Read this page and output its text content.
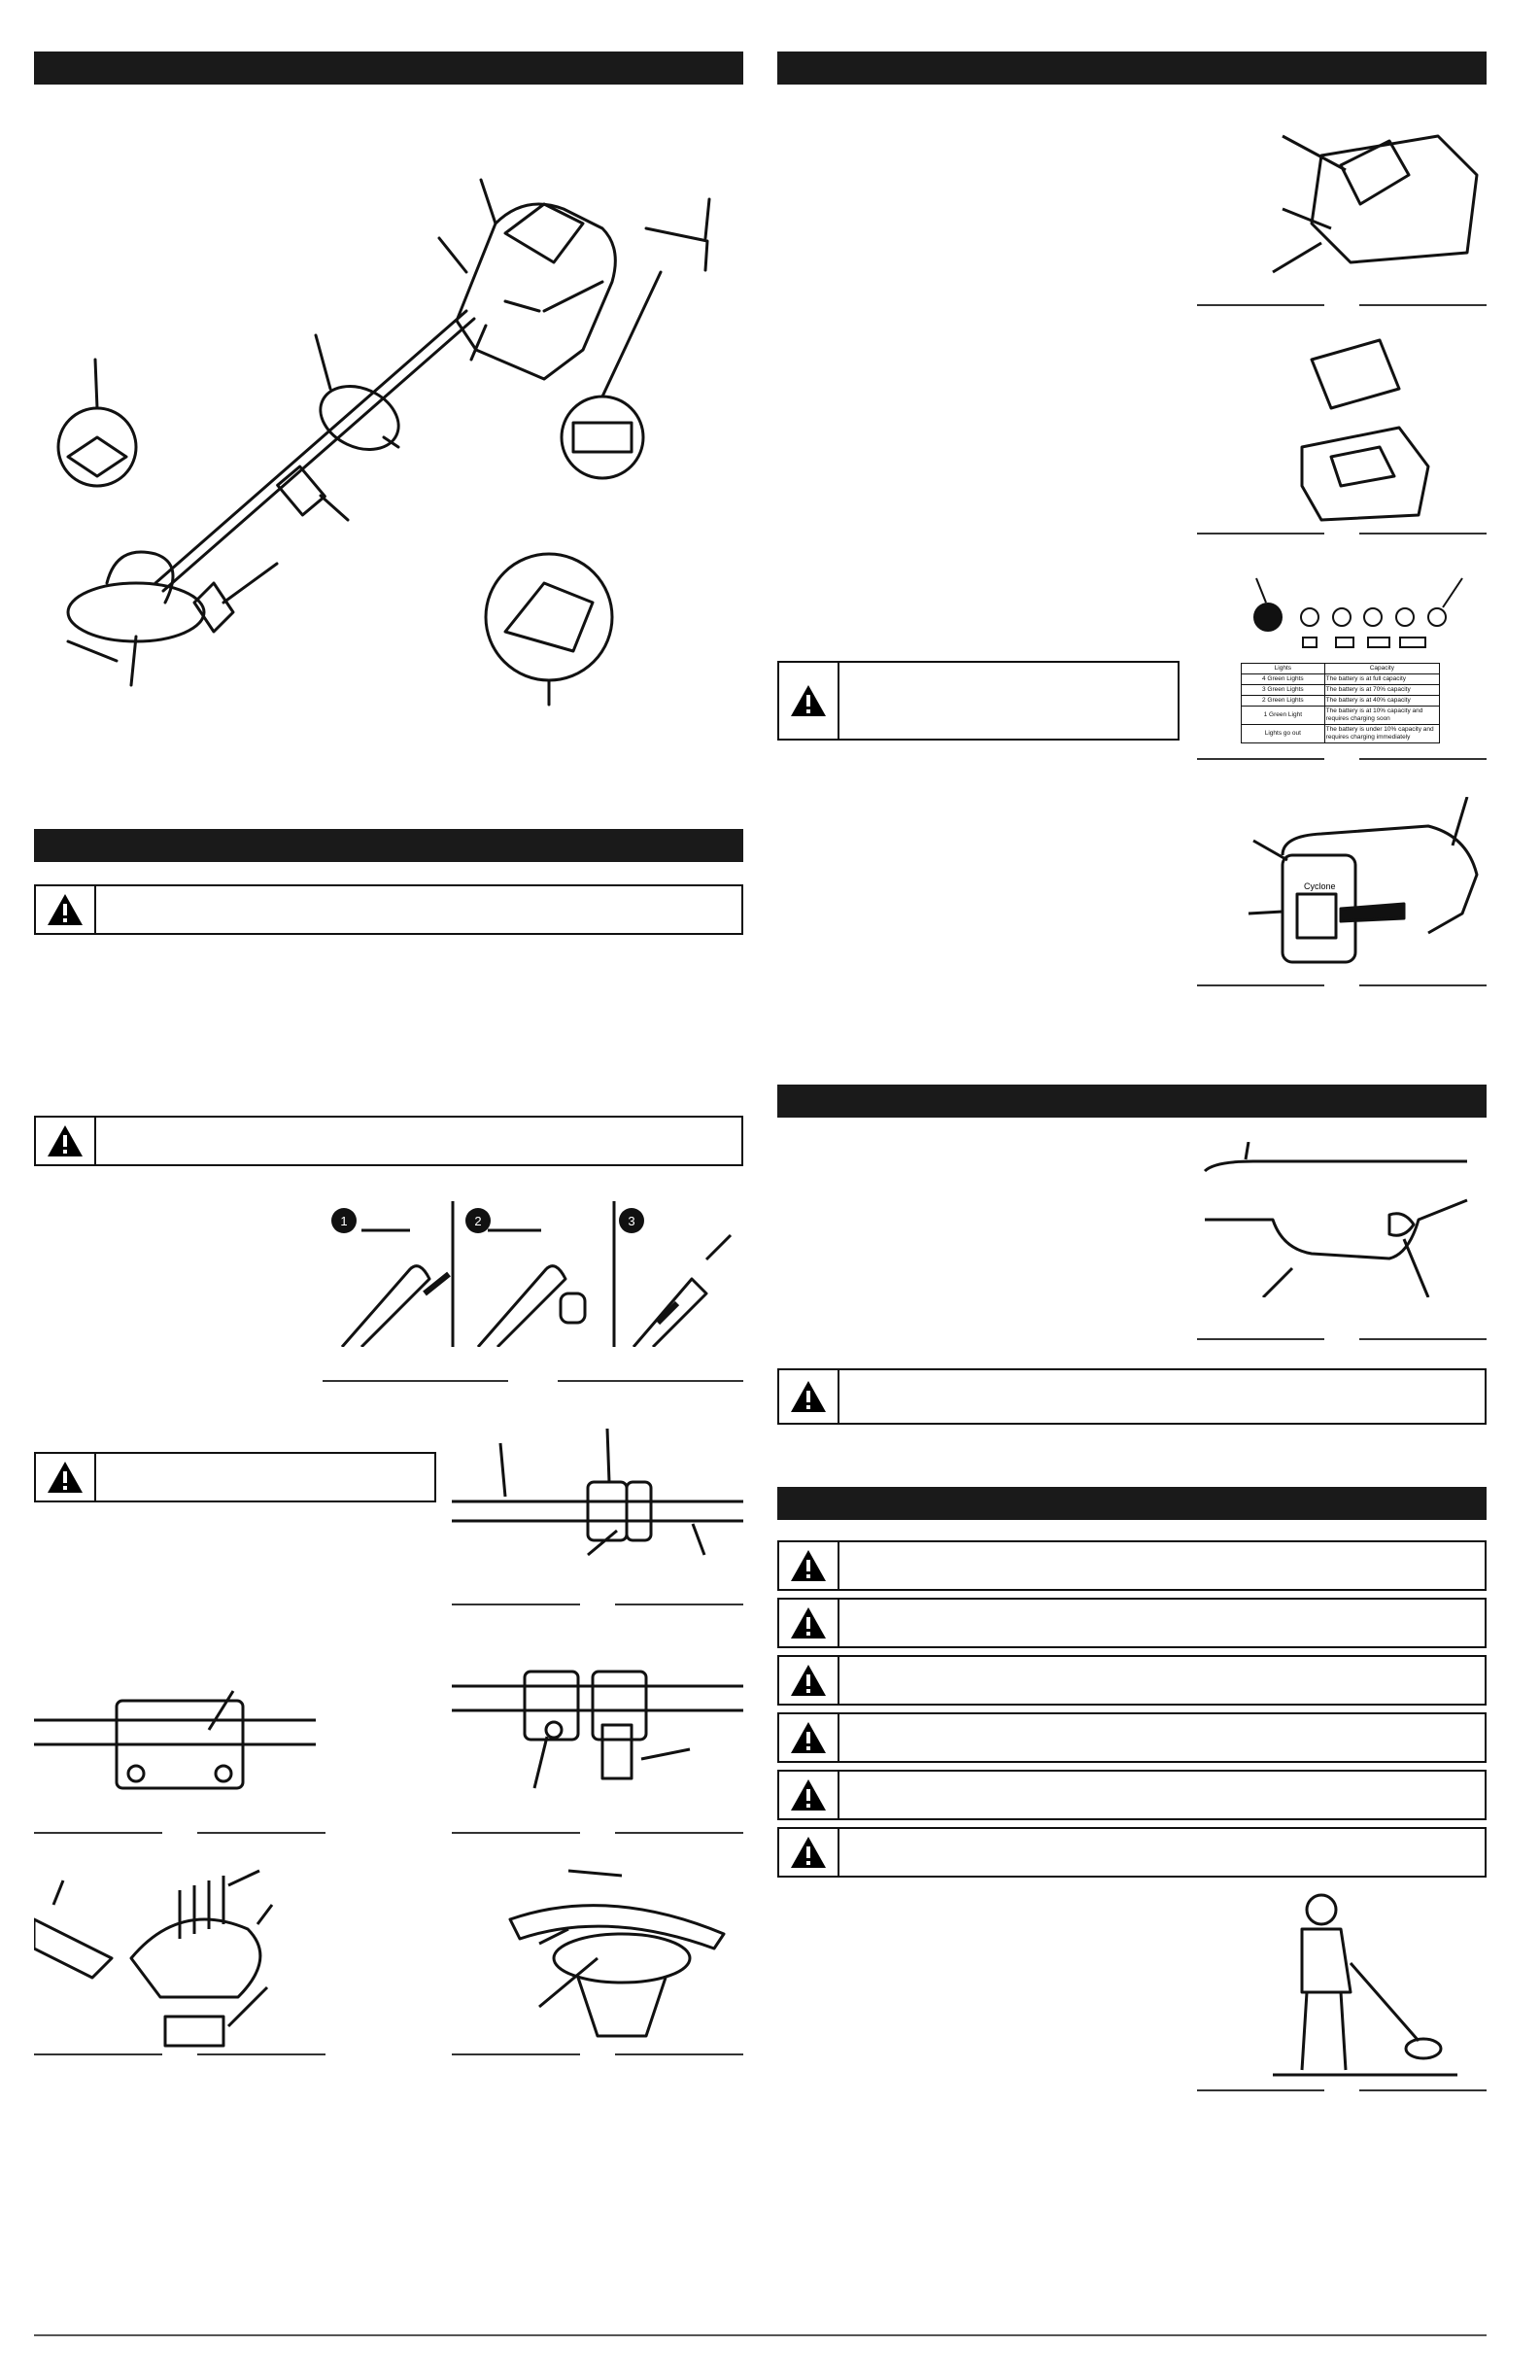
Lights	Capacity
4 Green Lights	The battery is at full capacity
3 Green Lights	The battery is at 70% capacity
2 Green Lights	The battery is at 40% capacity
1 Green Light	The battery is at 10% capacity and requires charging soon
Lights go out	The battery is under 10% capacity and requires charging immediately
Cyclone
1	2	3
